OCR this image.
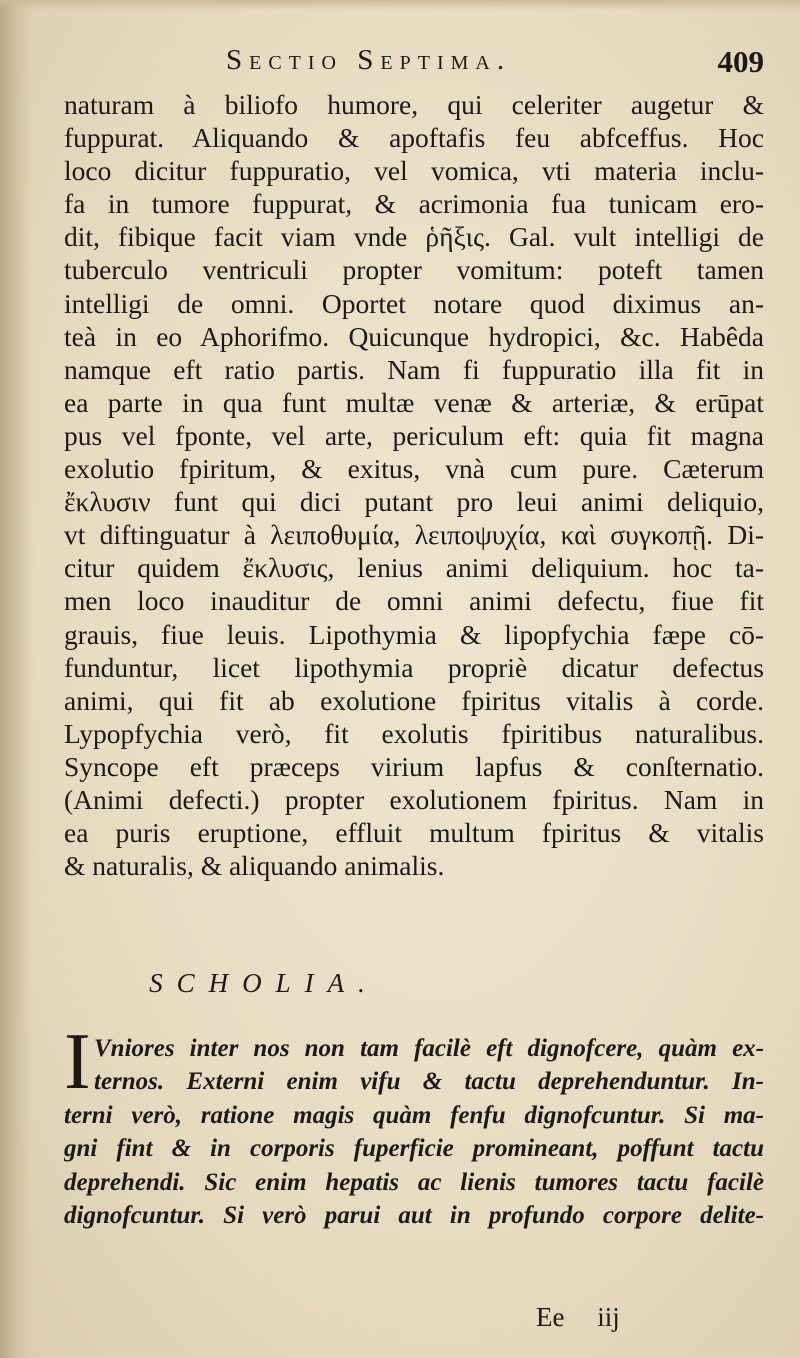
Sectio Septima.	409
naturam à biliofo humore, qui celeriter augetur &
fuppurat. Aliquando & apoftafis feu abfceffus. Hoc
loco dicitur fuppuratio, vel vomica, vti materia inclu-
fa in tumore fuppurat, & acrimonia fua tunicam ero-
dit, fibique facit viam vnde ῥῆξις. Gal. vult intelligi de
tuberculo ventriculi propter vomitum: poteft tamen
intelligi de omni. Oportet notare quod diximus an-
teà in eo Aphorifmo. Quicunque hydropici, &c. Habêda
namque eft ratio partis. Nam fi fuppuratio illa fit in
ea parte in qua funt multæ venæ & arteriæ, & erūpat
pus vel fponte, vel arte, periculum eft: quia fit magna
exolutio fpiritum, & exitus, vnà cum pure. Cæterum
ἔκλυσιν funt qui dici putant pro leui animi deliquio,
vt diftinguatur à λειποθυμία, λειποψυχία, καὶ συγκοπῇ. Di-
citur quidem ἔκλυσις, lenius animi deliquium. hoc ta-
men loco inauditur de omni animi defectu, fiue fit
grauis, fiue leuis. Lipothymia & lipopfychia fæpe cō-
funduntur, licet lipothymia propriè dicatur defectus
animi, qui fit ab exolutione fpiritus vitalis à corde.
Lypopfychia verò, fit exolutis fpiritibus naturalibus.
Syncope eft præceps virium lapfus & conſternatio.
(Animi defecti.) propter exolutionem fpiritus. Nam in
ea puris eruptione, effluit multum fpiritus & vitalis
& naturalis, & aliquando animalis.
SCHOLIA.
I Vniores inter nos non tam facilè eft dignofcere, quàm ex-
ternos. Externi enim vifu & tactu deprehenduntur. In-
terni verò, ratione magis quàm fenfu dignofcuntur. Si ma-
gni fint & in corporis fuperficie promineant, poffunt tactu
deprehendi. Sic enim hepatis ac lienis tumores tactu facilè
dignofcuntur. Si verò parui aut in profundo corpore delite-
Ee iij
